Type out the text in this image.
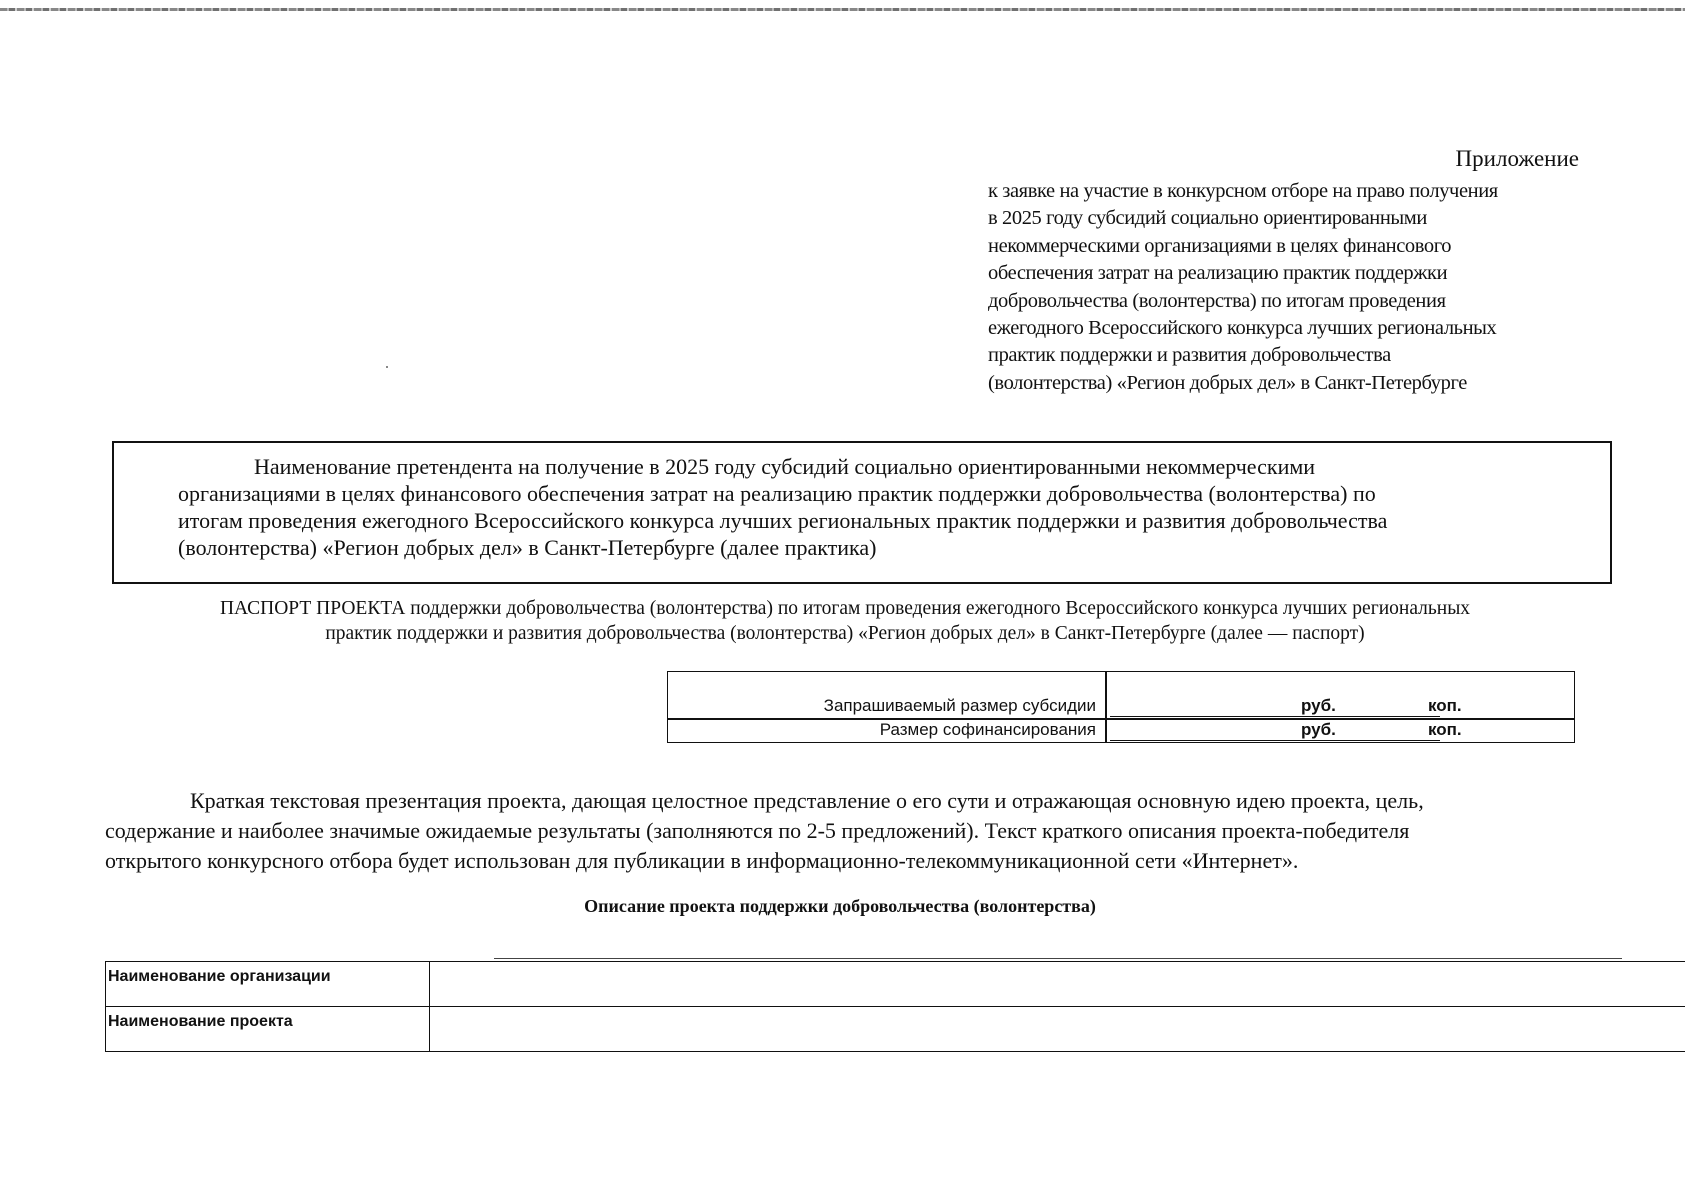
Приложение
к заявке на участие в конкурсном отборе на право получения
в 2025 году субсидий социально ориентированными
некоммерческими организациями в целях финансового
обеспечения затрат на реализацию практик поддержки
добровольчества (волонтерства) по итогам проведения
ежегодного Всероссийского конкурса лучших региональных
практик поддержки и развития добровольчества
(волонтерства) «Регион добрых дел» в Санкт-Петербурге
Наименование претендента на получение в 2025 году субсидий социально ориентированными некоммерческими
организациями в целях финансового обеспечения затрат на реализацию практик поддержки добровольчества (волонтерства) по
итогам проведения ежегодного Всероссийского конкурса лучших региональных практик поддержки и развития добровольчества
(волонтерства) «Регион добрых дел» в Санкт-Петербурге (далее практика)
ПАСПОРТ ПРОЕКТА поддержки добровольчества (волонтерства) по итогам проведения ежегодного Всероссийского конкурса лучших региональных
практик поддержки и развития добровольчества (волонтерства) «Регион добрых дел» в Санкт-Петербурге (далее — паспорт)
Запрашиваемый размер субсидии	руб.	коп.
Размер софинансирования	руб.	коп.
Краткая текстовая презентация проекта, дающая целостное представление о его сути и отражающая основную идею проекта, цель,
содержание и наиболее значимые ожидаемые результаты (заполняются по 2-5 предложений). Текст краткого описания проекта-победителя
открытого конкурсного отбора будет использован для публикации в информационно-телекоммуникационной сети «Интернет».
Описание проекта поддержки добровольчества (волонтерства)
Наименование организации
Наименование проекта
